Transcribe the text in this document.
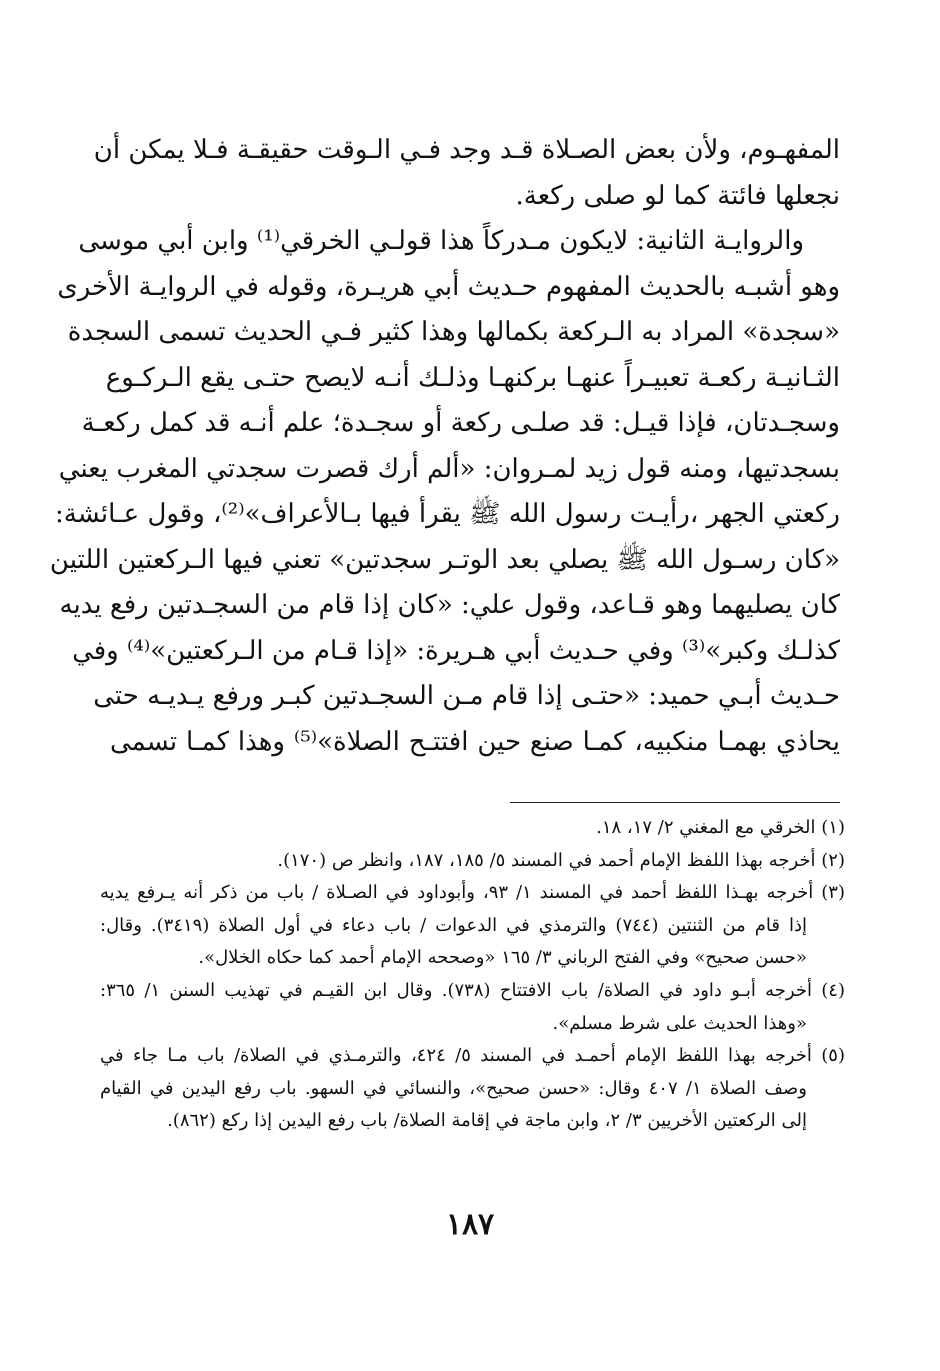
المفهـوم، ولأن بعض الصـلاة قـد وجد فـي الـوقت حقيقـة فـلا يمكن أن
نجعلها فائتة كما لو صلى ركعة.
والروايـة الثانية: لايكون مـدركاً هذا قولـي الخرقي⁽¹⁾ وابن أبي موسى
وهو أشبـه بالحديث المفهوم حـديث أبي هريـرة، وقوله في الروايـة الأخرى
«سجدة» المراد به الـركعة بكمالها وهذا كثير فـي الحديث تسمى السجدة
الثـانيـة ركعـة تعبيـراً عنهـا بركنهـا وذلـك أنـه لايصح حتـى يقع الـركـوع
وسجـدتان، فإذا قيـل: قد صلـى ركعة أو سجـدة؛ علم أنـه قد كمل ركعـة
بسجدتيها، ومنه قول زيد لمـروان: «ألم أرك قصرت سجدتي المغرب يعني
ركعتي الجهر ،رأيـت رسول الله ﷺ يقرأ فيها بـالأعراف»⁽²⁾، وقول عـائشة:
«كان رسـول الله ﷺ يصلي بعد الوتـر سجدتين» تعني فيها الـركعتين اللتين
كان يصليهما وهو قـاعد، وقول علي: «كان إذا قام من السجـدتين رفع يديه
كذلـك وكبر»⁽³⁾ وفي حـديث أبي هـريرة: «إذا قـام من الـركعتين»⁽⁴⁾ وفي
حـديث أبـي حميد: «حتـى إذا قام مـن السجـدتين كبـر ورفع يـديـه حتى
يحاذي بهمـا منكبيه، كمـا صنع حين افتتـح الصلاة»⁽⁵⁾ وهذا كمـا تسمى
(١) الخرقي مع المغني ٢/ ١٧، ١٨.
(٢) أخرجه بهذا اللفظ الإمام أحمد في المسند ٥/ ١٨٥، ١٨٧، وانظر ص (١٧٠).
(٣) أخرجه بهـذا اللفظ أحمد في المسند ١/ ٩٣، وأبوداود في الصـلاة / باب من ذكر أنه يـرفع يديه
إذا قام من الثنتين (٧٤٤) والترمذي في الدعوات / باب دعاء في أول الصلاة (٣٤١٩). وقال:
«حسن صحيح» وفي الفتح الرباني ٣/ ١٦٥ «وصححه الإمام أحمد كما حكاه الخلال».
(٤) أخرجه أبـو داود في الصلاة/ باب الافتتاح (٧٣٨). وقال ابن القيـم في تهذيب السنن ١/ ٣٦٥:
«وهذا الحديث على شرط مسلم».
(٥) أخرجه بهذا اللفظ الإمام أحمـد في المسند ٥/ ٤٢٤، والترمـذي في الصلاة/ باب مـا جاء في
وصف الصلاة ١/ ٤٠٧ وقال: «حسن صحيح»، والنسائي في السهو. باب رفع اليدين في القيام
إلى الركعتين الأخريين ٣/ ٢، وابن ماجة في إقامة الصلاة/ باب رفع اليدين إذا ركع (٨٦٢).
١٨٧
